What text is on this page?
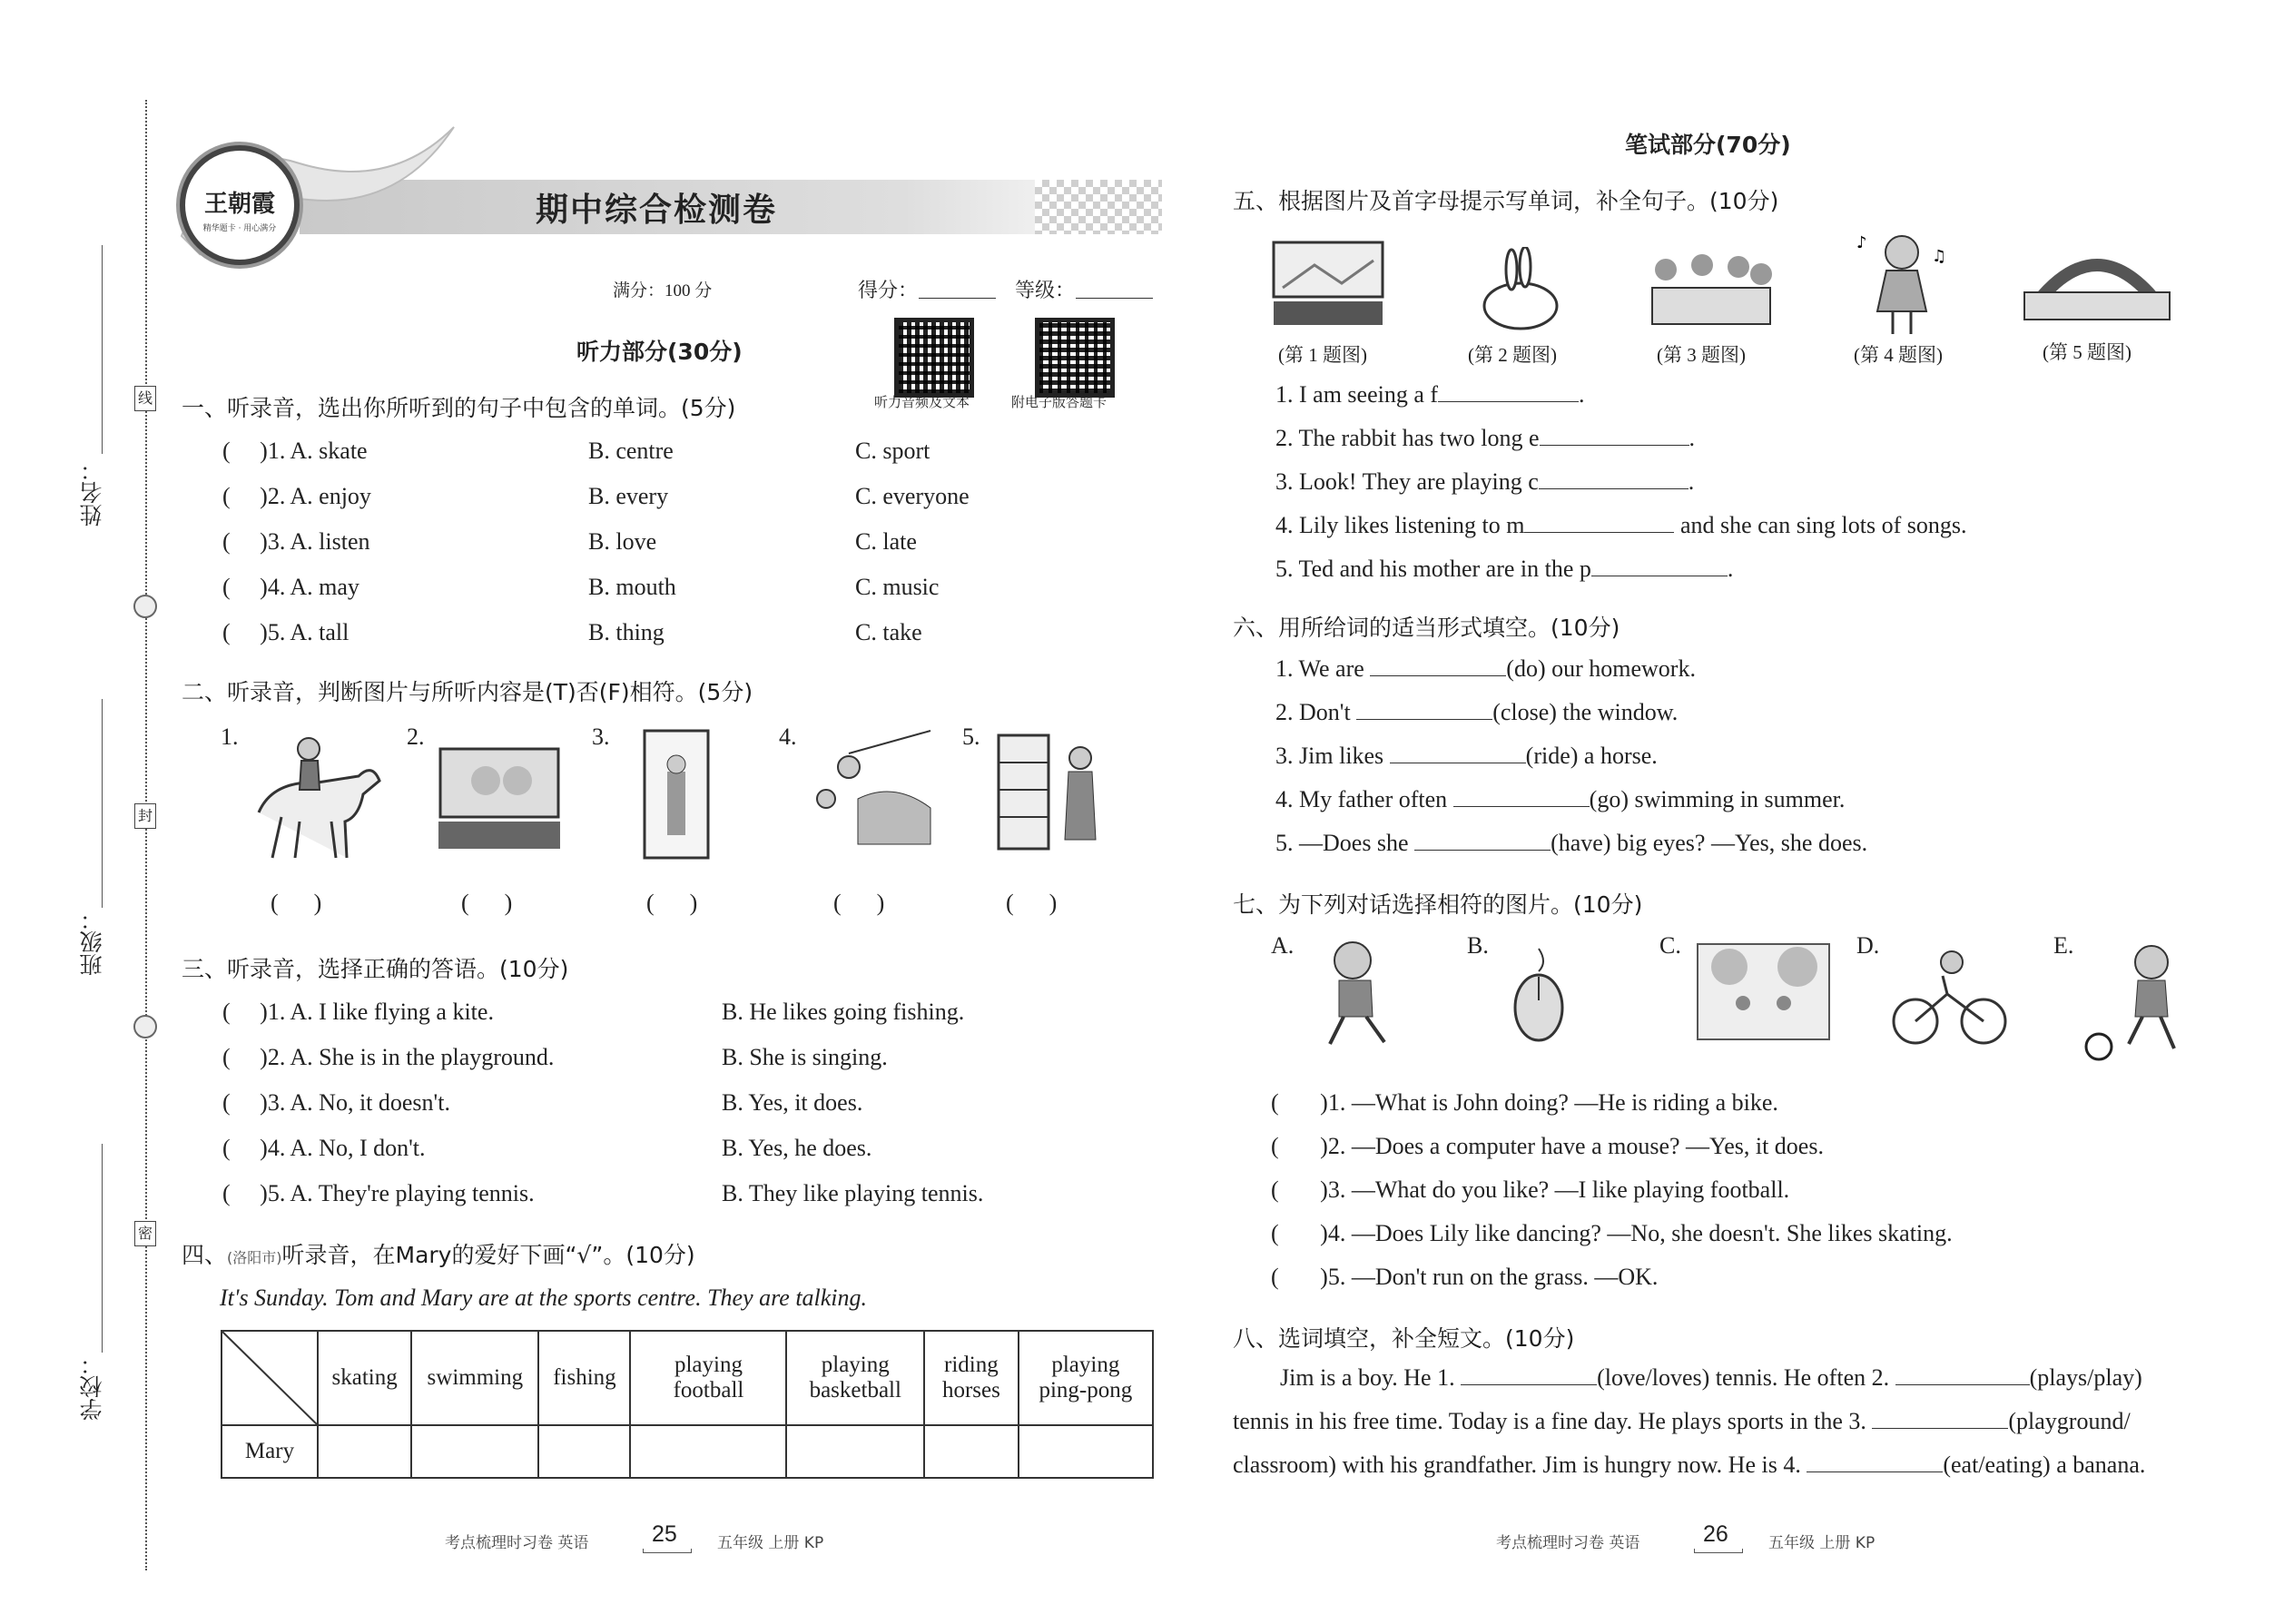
姓名：
班级：
学校：
线
封
密
王朝霞
精华题卡 · 用心满分	期中综合检测卷
满分：100 分	得分：	等级：
听力音频及文本	附电子版答题卡
听力部分(30分)
一、听录音，选出你所听到的句子中包含的单词。(5分)
(     )1. A. skate	B. centre	C. sport
(     )2. A. enjoy	B. every	C. everyone
(     )3. A. listen	B. love	C. late
(     )4. A. may	B. mouth	C. music
(     )5. A. tall	B. thing	C. take
二、听录音，判断图片与所听内容是(T)否(F)相符。(5分)
1.	2.	3.	4.	5.
(      )	(      )	(      )	(      )	(      )
三、听录音，选择正确的答语。(10分)
(     )1. A. I like flying a kite.	B. He likes going fishing.
(     )2. A. She is in the playground.	B. She is singing.
(     )3. A. No, it doesn't.	B. Yes, it does.
(     )4. A. No, I don't.	B. Yes, he does.
(     )5. A. They're playing tennis.	B. They like playing tennis.
四、(洛阳市)听录音，在Mary的爱好下画“√”。(10分)
It's Sunday. Tom and Mary are at the sports centre. They are talking.
	skating	swimming	fishing	playing football	playing basketball	riding horses	playing ping-pong
Mary							
考点梳理时习卷 英语	25	五年级 上册 KP
笔试部分(70分)
五、根据图片及首字母提示写单词，补全句子。(10分)
♪
♫
(第 1 题图)	(第 2 题图)	(第 3 题图)	(第 4 题图)	(第 5 题图)
1. I am seeing a f	.
2. The rabbit has two long e	.
3. Look! They are playing c	.
4. Lily likes listening to m	and she can sing lots of songs.
5. Ted and his mother are in the p	.
六、用所给词的适当形式填空。(10分)
1. We are	(do) our homework.
2. Don't	(close) the window.
3. Jim likes	(ride) a horse.
4. My father often	(go) swimming in summer.
5. —Does she	(have) big eyes? —Yes, she does.
七、为下列对话选择相符的图片。(10分)
A.	B.	C.	D.	E.
(       )1. —What is John doing? —He is riding a bike.
(       )2. —Does a computer have a mouse? —Yes, it does.
(       )3. —What do you like? —I like playing football.
(       )4. —Does Lily like dancing? —No, she doesn't. She likes skating.
(       )5. —Don't run on the grass. —OK.
八、选词填空，补全短文。(10分)
Jim is a boy. He 1.	(love/loves) tennis. He often 2.	(plays/play)
tennis in his free time. Today is a fine day. He plays sports in the 3.	(playground/
classroom) with his grandfather. Jim is hungry now. He is 4.	(eat/eating) a banana.
考点梳理时习卷 英语	26	五年级 上册 KP
